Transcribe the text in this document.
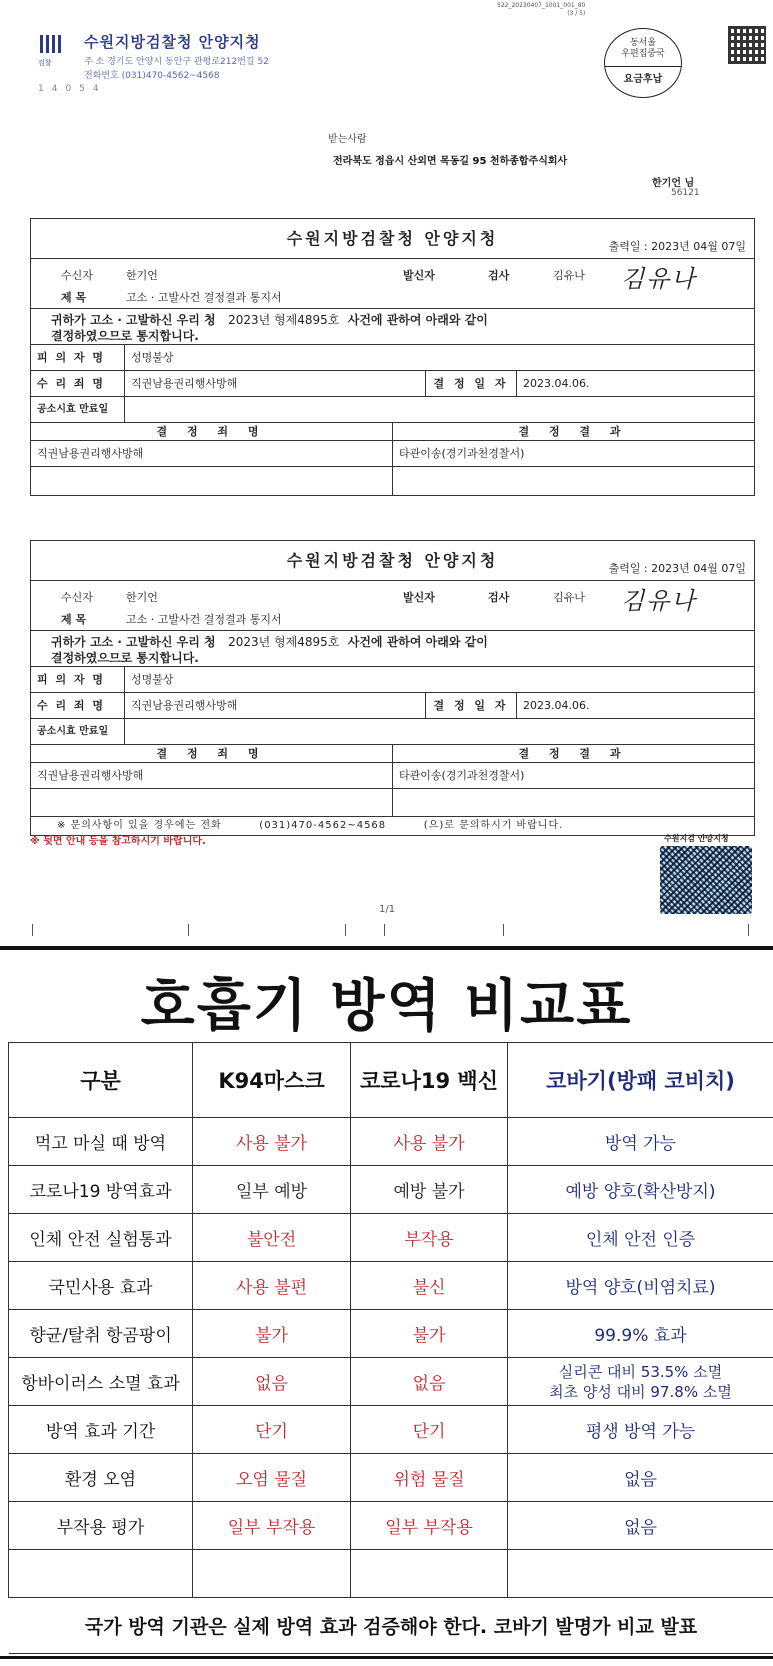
522_20230407_1001_001_80
(3 / 5)
검찰
수원지방검찰청 안양지청
주 소 경기도 안양시 동안구 관평로212번길 52
전화번호 (031)470-4562~4568
14054
동서울
우편집중국
요금후납
받는사람
전라북도 정읍시 산외면 목동길 95 천하종합주식회사
한기언 님
56121
수원지방검찰청 안양지청	출력일 : 2023년 04월 07일
수신자	한기언	발신자	검사	김유나 김유나
제 목	고소 · 고발사건 결정결과 통지서
귀하가 고소 · 고발하신 우리 청 2023년 형제4895호 사건에 관하여 아래와 같이
결정하였으므로 통지합니다.
피 의 자 명	성명불상
수 리 죄 명	직권남용권리행사방해	결 정 일 자	2023.04.06.
공소시효 만료일
결 정 죄 명	결 정 결 과
직권남용권리행사방해	타관이송(경기과천경찰서)
수원지방검찰청 안양지청	출력일 : 2023년 04월 07일
수신자	한기언	발신자	검사	김유나 김유나
제 목	고소 · 고발사건 결정결과 통지서
귀하가 고소 · 고발하신 우리 청 2023년 형제4895호 사건에 관하여 아래와 같이
결정하였으므로 통지합니다.
피 의 자 명	성명불상
수 리 죄 명	직권남용권리행사방해	결 정 일 자	2023.04.06.
공소시효 만료일
결 정 죄 명	결 정 결 과
직권남용권리행사방해	타관이송(경기과천경찰서)
※ 문의사항이 있을 경우에는 전화	(031)470-4562~4568	(으)로 문의하시기 바랍니다.
※ 뒷면 안내 등을 참고하시기 바랍니다.	수원지검 안양지청
1/1
호흡기 방역 비교표
구분	K94마스크	코로나19 백신	코바기(방패 코비치)
먹고 마실 때 방역	사용 불가	사용 불가	방역 가능
코로나19 방역효과	일부 예방	예방 불가	예방 양호(확산방지)
인체 안전 실험통과	불안전	부작용	인체 안전 인증
국민사용 효과	사용 불편	불신	방역 양호(비염치료)
향균/탈취 항곰팡이	불가	불가	99.9% 효과
항바이러스 소멸 효과	없음	없음	실리콘 대비 53.5% 소멸
최초 양성 대비 97.8% 소멸

방역 효과 기간	단기	단기	평생 방역 가능
환경 오염	오염 물질	위험 물질	없음
부작용 평가	일부 부작용	일부 부작용	없음

국가 방역 기관은 실제 방역 효과 검증해야 한다. 코바기 발명가 비교 발표			
